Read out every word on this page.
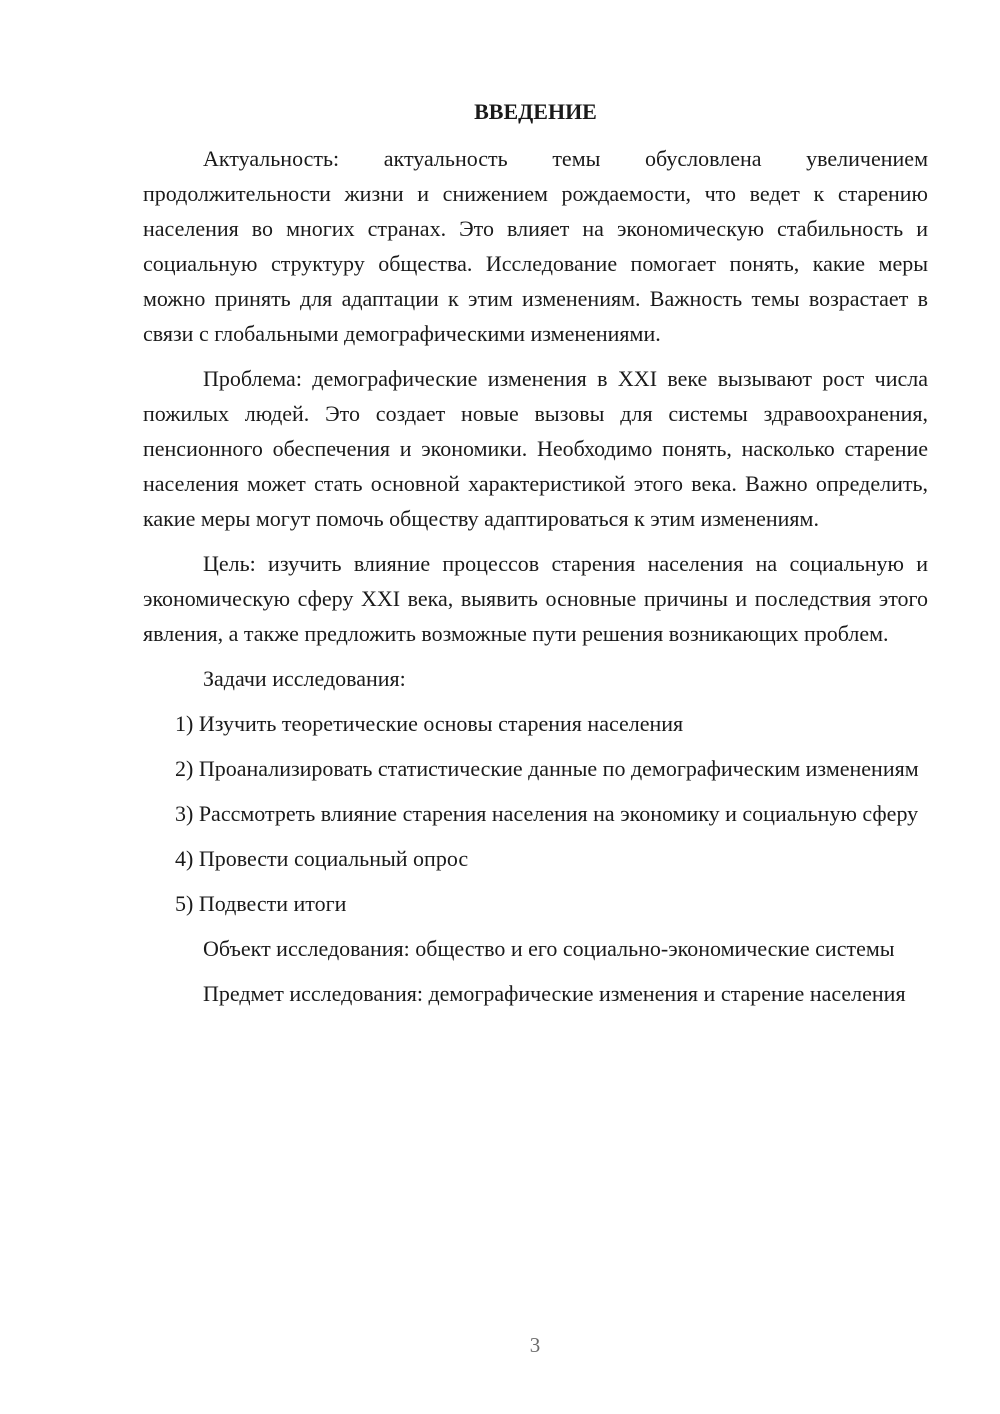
ВВЕДЕНИЕ
Актуальность: актуальность темы обусловлена увеличением продолжительности жизни и снижением рождаемости, что ведет к старению населения во многих странах. Это влияет на экономическую стабильность и социальную структуру общества. Исследование помогает понять, какие меры можно принять для адаптации к этим изменениям. Важность темы возрастает в связи с глобальными демографическими изменениями.
Проблема: демографические изменения в XXI веке вызывают рост числа пожилых людей. Это создает новые вызовы для системы здравоохранения, пенсионного обеспечения и экономики. Необходимо понять, насколько старение населения может стать основной характеристикой этого века. Важно определить, какие меры могут помочь обществу адаптироваться к этим изменениям.
Цель: изучить влияние процессов старения населения на социальную и экономическую сферу XXI века, выявить основные причины и последствия этого явления, а также предложить возможные пути решения возникающих проблем.
Задачи исследования:
1) Изучить теоретические основы старения населения
2) Проанализировать статистические данные по демографическим изменениям
3) Рассмотреть влияние старения населения на экономику и социальную сферу
4) Провести социальный опрос
5) Подвести итоги
Объект исследования: общество и его социально-экономические системы
Предмет исследования: демографические изменения и старение населения
3
